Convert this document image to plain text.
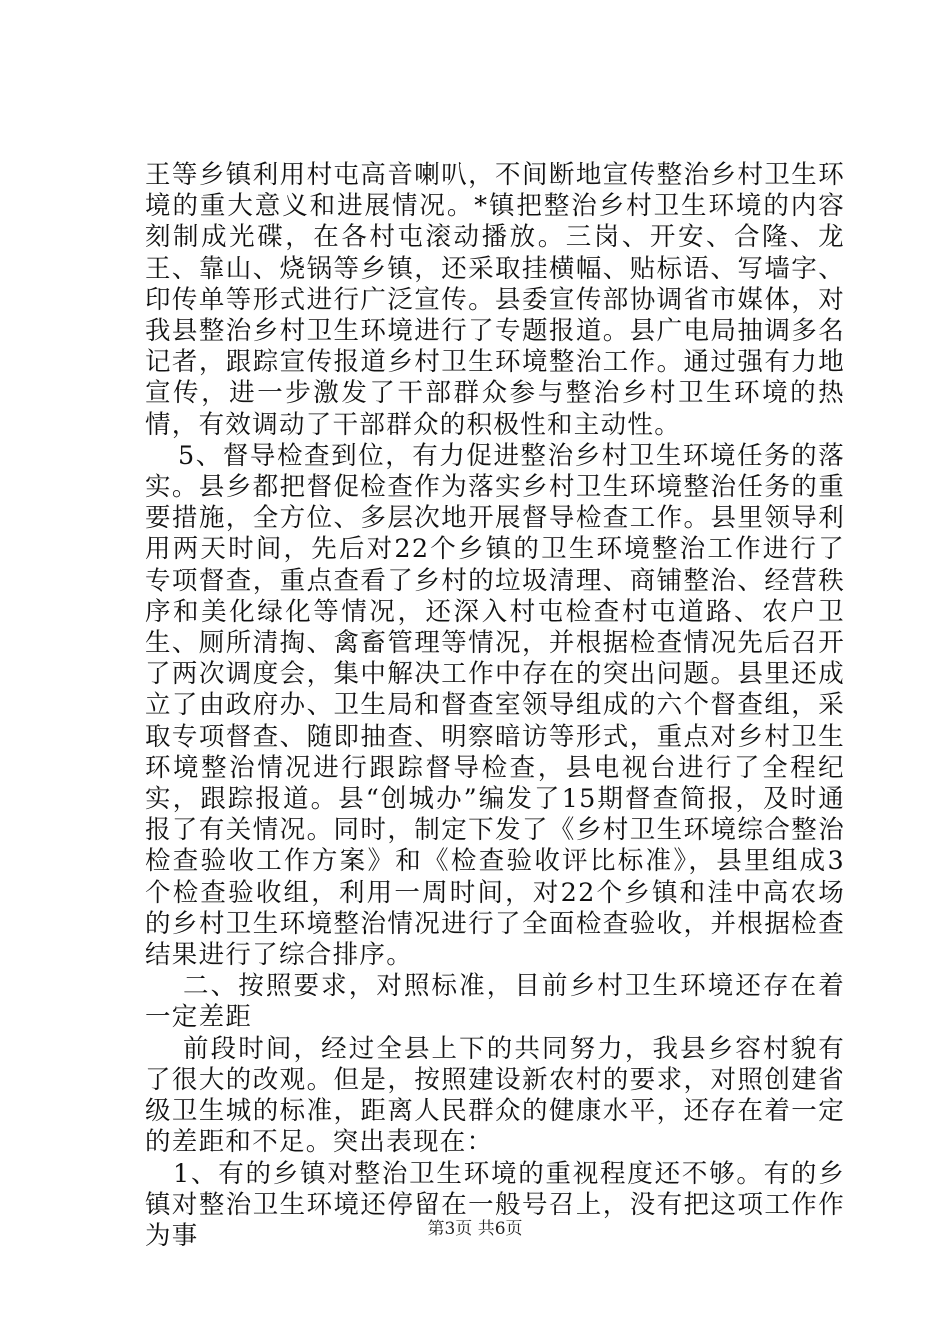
王等乡镇利用村屯高音喇叭，不间断地宣传整治乡村卫生环境的重大意义和进展情况。*镇把整治乡村卫生环境的内容刻制成光碟，在各村屯滚动播放。三岗、开安、合隆、龙王、靠山、烧锅等乡镇，还采取挂横幅、贴标语、写墙字、印传单等形式进行广泛宣传。县委宣传部协调省市媒体，对我县整治乡村卫生环境进行了专题报道。县广电局抽调多名记者，跟踪宣传报道乡村卫生环境整治工作。通过强有力地宣传，进一步激发了干部群众参与整治乡村卫生环境的热情，有效调动了干部群众的积极性和主动性。

5、督导检查到位，有力促进整治乡村卫生环境任务的落实。县乡都把督促检查作为落实乡村卫生环境整治任务的重要措施，全方位、多层次地开展督导检查工作。县里领导利用两天时间，先后对22个乡镇的卫生环境整治工作进行了专项督查，重点查看了乡村的垃圾清理、商铺整治、经营秩序和美化绿化等情况，还深入村屯检查村屯道路、农户卫生、厕所清掏、禽畜管理等情况，并根据检查情况先后召开了两次调度会，集中解决工作中存在的突出问题。县里还成立了由政府办、卫生局和督查室领导组成的六个督查组，采取专项督查、随即抽查、明察暗访等形式，重点对乡村卫生环境整治情况进行跟踪督导检查，县电视台进行了全程纪实，跟踪报道。县“创城办”编发了15期督查简报，及时通报了有关情况。同时，制定下发了《乡村卫生环境综合整治检查验收工作方案》和《检查验收评比标准》，县里组成3个检查验收组，利用一周时间，对22个乡镇和洼中高农场的乡村卫生环境整治情况进行了全面检查验收，并根据检查结果进行了综合排序。

二、按照要求，对照标准，目前乡村卫生环境还存在着一定差距

前段时间，经过全县上下的共同努力，我县乡容村貌有了很大的改观。但是，按照建设新农村的要求，对照创建省级卫生城的标准，距离人民群众的健康水平，还存在着一定的差距和不足。突出表现在：

1、有的乡镇对整治卫生环境的重视程度还不够。有的乡镇对整治卫生环境还停留在一般号召上，没有把这项工作作为事	第3页 共6页
